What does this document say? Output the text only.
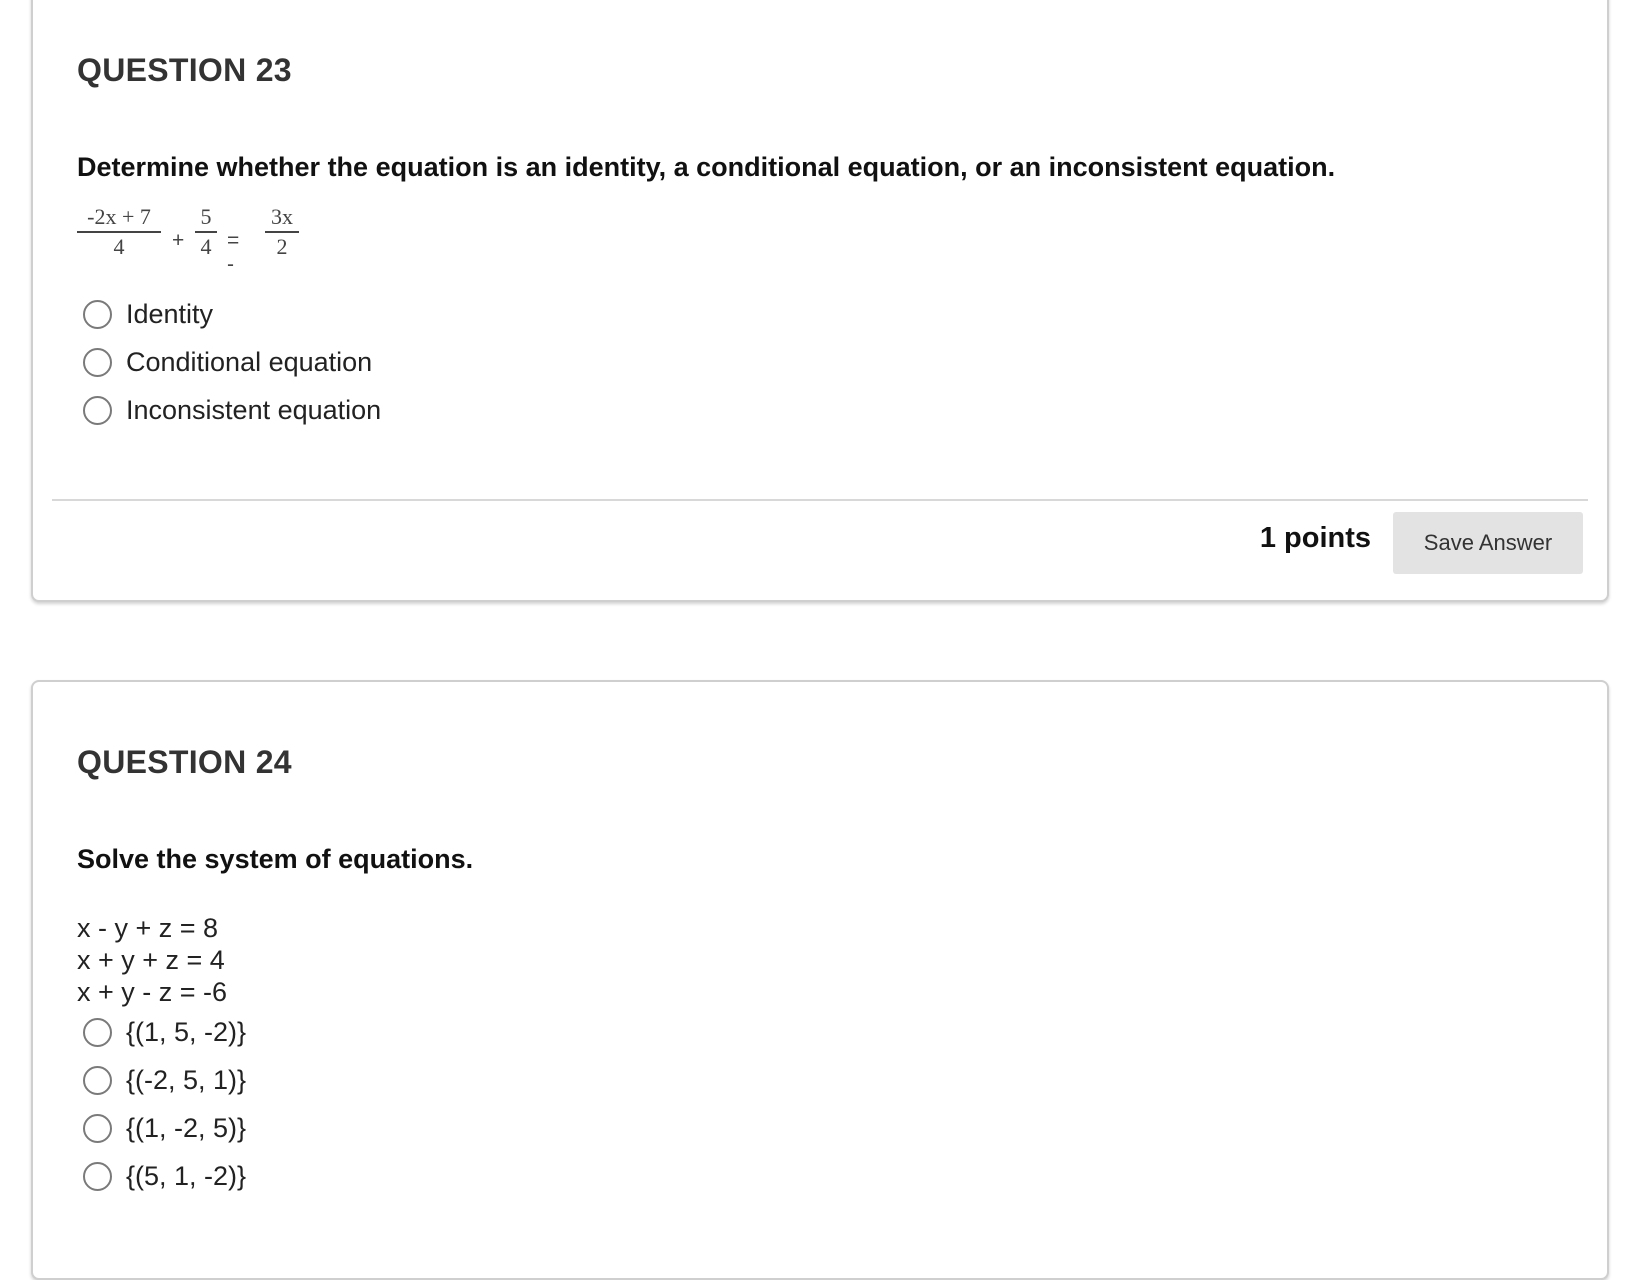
QUESTION 23
Determine whether the equation is an identity, a conditional equation, or an inconsistent equation.
-2x + 7
4	+
5
4 = -
3x
2
Identity
Conditional equation
Inconsistent equation
1 points	Save Answer
QUESTION 24
Solve the system of equations.
x - y + z = 8
x + y + z = 4
x + y - z = -6
{(1, 5, -2)}
{(-2, 5, 1)}
{(1, -2, 5)}
{(5, 1, -2)}
